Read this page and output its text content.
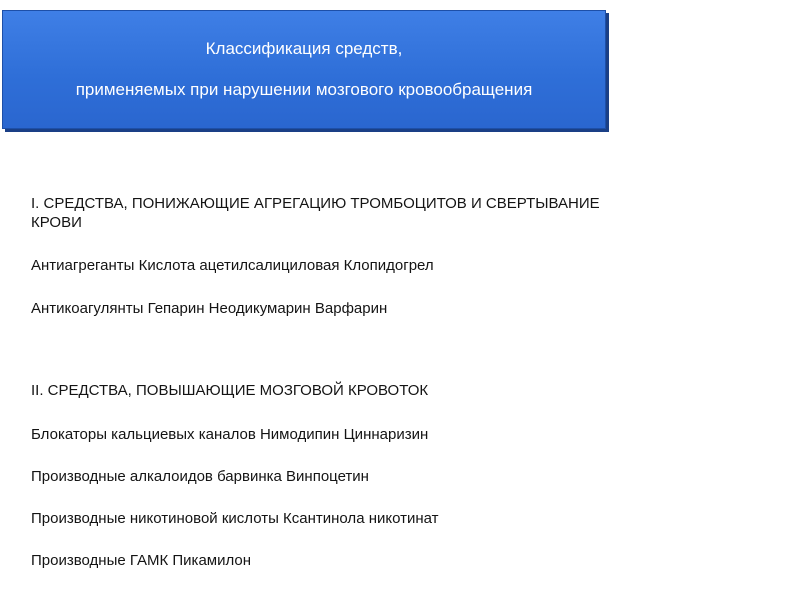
Классификация средств,
применяемых при нарушении мозгового кровообращения

I. СРЕДСТВА, ПОНИЖАЮЩИЕ АГРЕГАЦИЮ ТРОМБОЦИТОВ И СВЕРТЫВАНИЕ КРОВИ

Антиагреганты Кислота ацетилсалициловая Клопидогрел

Антикоагулянты Гепарин Неодикумарин Варфарин

II. СРЕДСТВА, ПОВЫШАЮЩИЕ МОЗГОВОЙ КРОВОТОК

Блокаторы кальциевых каналов Нимодипин Циннаризин

Производные алкалоидов барвинка Винпоцетин

Производные никотиновой кислоты Ксантинола никотинат

Производные ГАМК Пикамилон
